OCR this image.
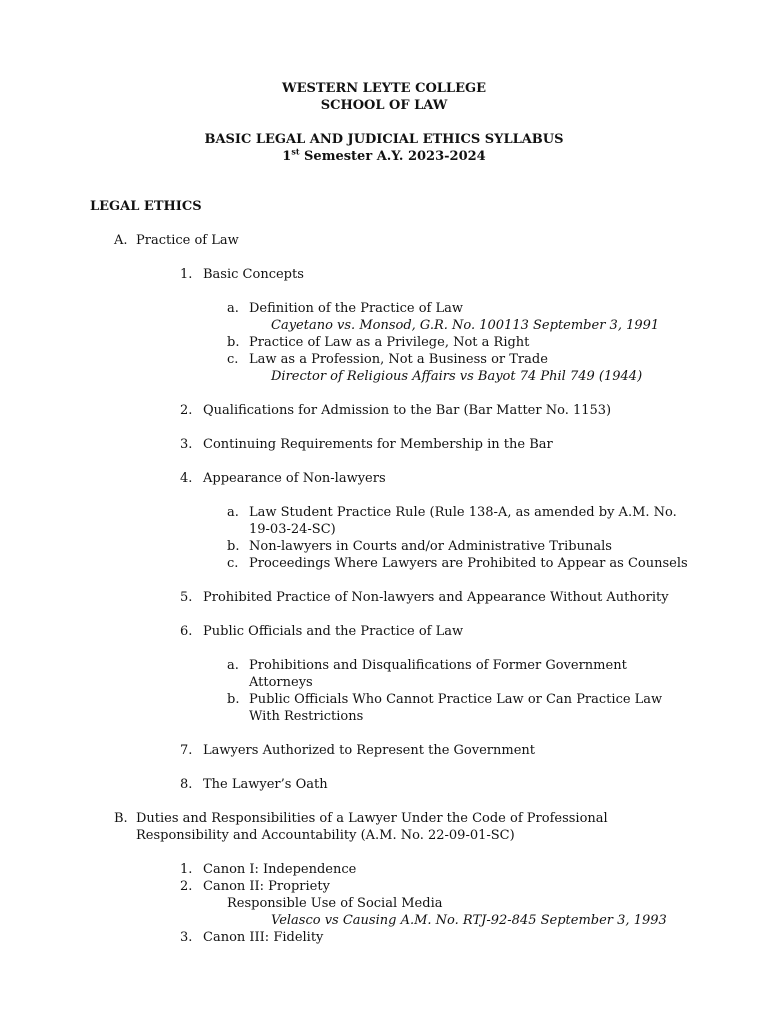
WESTERN LEYTE COLLEGE
SCHOOL OF LAW
BASIC LEGAL AND JUDICIAL ETHICS SYLLABUS
1st Semester A.Y. 2023-2024
LEGAL ETHICS
A. Practice of Law
1. Basic Concepts
a. Definition of the Practice of Law
Cayetano vs. Monsod, G.R. No. 100113 September 3, 1991
b. Practice of Law as a Privilege, Not a Right
c. Law as a Profession, Not a Business or Trade
Director of Religious Affairs vs Bayot 74 Phil 749 (1944)
2. Qualifications for Admission to the Bar (Bar Matter No. 1153)
3. Continuing Requirements for Membership in the Bar
4. Appearance of Non-lawyers
a. Law Student Practice Rule (Rule 138-A, as amended by A.M. No.
19-03-24-SC)
b. Non-lawyers in Courts and/or Administrative Tribunals
c. Proceedings Where Lawyers are Prohibited to Appear as Counsels
5. Prohibited Practice of Non-lawyers and Appearance Without Authority
6. Public Officials and the Practice of Law
a. Prohibitions and Disqualifications of Former Government
Attorneys
b. Public Officials Who Cannot Practice Law or Can Practice Law
With Restrictions
7. Lawyers Authorized to Represent the Government
8. The Lawyer’s Oath
B. Duties and Responsibilities of a Lawyer Under the Code of Professional
Responsibility and Accountability (A.M. No. 22-09-01-SC)
1. Canon I: Independence
2. Canon II: Propriety
Responsible Use of Social Media
Velasco vs Causing A.M. No. RTJ-92-845 September 3, 1993
3. Canon III: Fidelity
